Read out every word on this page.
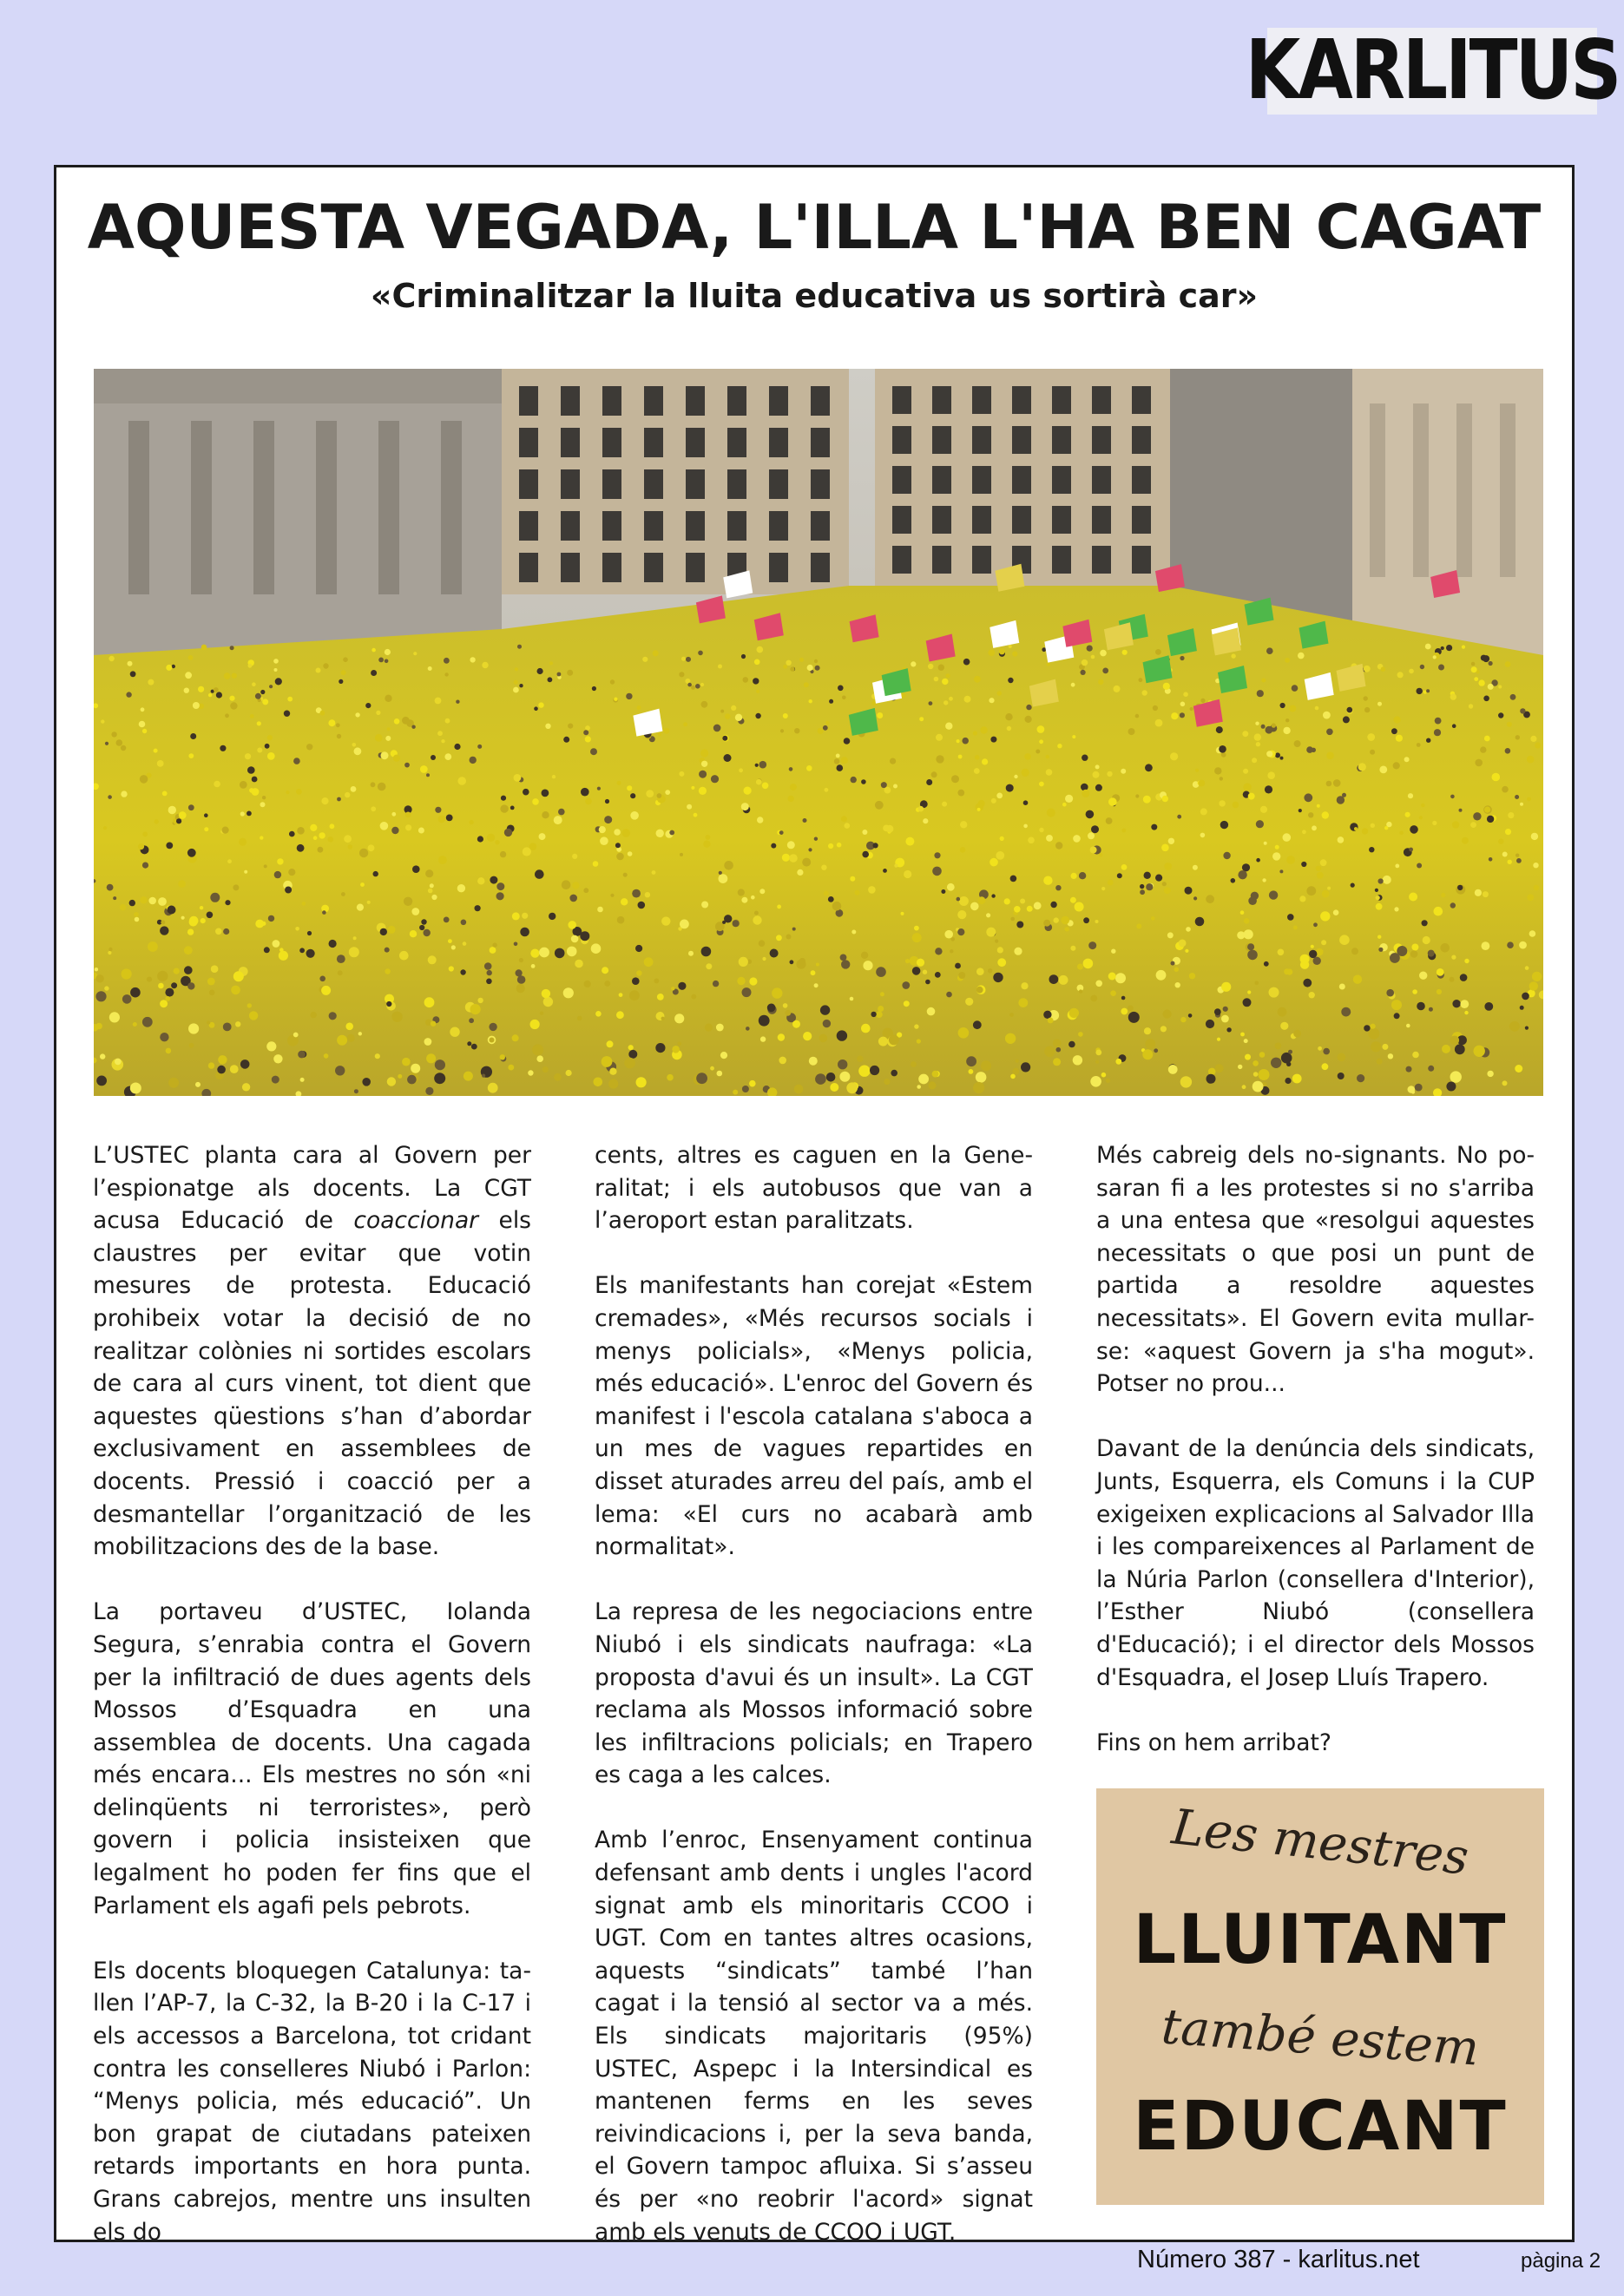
KARLITUS
AQUESTA VEGADA, L'ILLA L'HA BEN CAGAT
«Criminalitzar la lluita educativa us sortirà car»

L’USTEC planta cara al Govern per l’espionatge als docents. La CGT acusa Educació de coaccionar els claustres per evitar que votin mesures de protesta. Educació prohibeix votar la decisió de no realitzar colònies ni sortides escolars de cara al curs vinent, tot dient que aquestes qüestions s’han d’abordar exclusivament en assemblees de docents. Pressió i coacció per a desmantellar l’organització de les mobilitzacions des de la base.

La portaveu d’USTEC, Iolanda Segura, s’enrabia contra el Govern per la infiltració de dues agents dels Mossos d’Esquadra en una assemblea de docents. Una cagada més encara... Els mestres no són «ni delinqüents ni terroristes», però govern i policia insisteixen que legalment ho poden fer fins que el Parlament els agafi pels pebrots.

Els docents bloquegen Catalunya: tallen l’AP-7, la C-32, la B-20 i la C-17 i els accessos a Barcelona, tot cridant contra les conselleres Niubó i Parlon: “Menys policia, més educació”. Un bon grapat de ciutadans pateixen retards importants en hora punta. Grans cabrejos, mentre uns insulten els do

cents, altres es caguen en la Generalitat; i els autobusos que van a l’aeroport estan paralitzats.

Els manifestants han corejat «Estem cremades», «Més recursos socials i menys policials», «Menys policia, més educació». L'enroc del Govern és manifest i l'escola catalana s'aboca a un mes de vagues repartides en disset aturades arreu del país, amb el lema: «El curs no acabarà amb normalitat».

La represa de les negociacions entre Niubó i els sindicats naufraga: «La proposta d'avui és un insult». La CGT reclama als Mossos informació sobre les infiltracions policials; en Trapero es caga a les calces.

Amb l’enroc, Ensenyament continua defensant amb dents i ungles l'acord signat amb els minoritaris CCOO i UGT. Com en tantes altres ocasions, aquests “sindicats” també l’han cagat i la tensió al sector va a més. Els sindicats majoritaris (95%) USTEC, Aspepc i la Intersindical es mantenen ferms en les seves reivindicacions i, per la seva banda, el Govern tampoc afluixa. Si s’asseu és per «no reobrir l'acord» signat amb els venuts de CCOO i UGT.

Més cabreig dels no-signants. No posaran fi a les protestes si no s'arriba a una entesa que «resolgui aquestes necessitats o que posi un punt de partida a resoldre aquestes necessitats». El Govern evita mullar-se: «aquest Govern ja s'ha mogut». Potser no prou...

Davant de la denúncia dels sindicats, Junts, Esquerra, els Comuns i la CUP exigeixen explicacions al Salvador Illa i les compareixences al Parlament de la Núria Parlon (consellera d'Interior), l’Esther Niubó (consellera d'Educació); i el director dels Mossos d'Esquadra, el Josep Lluís Trapero.

Fins on hem arribat?

Les mestres
LLUITANT
també estem
EDUCANT
Número 387 - karlitus.net	pàgina 2
